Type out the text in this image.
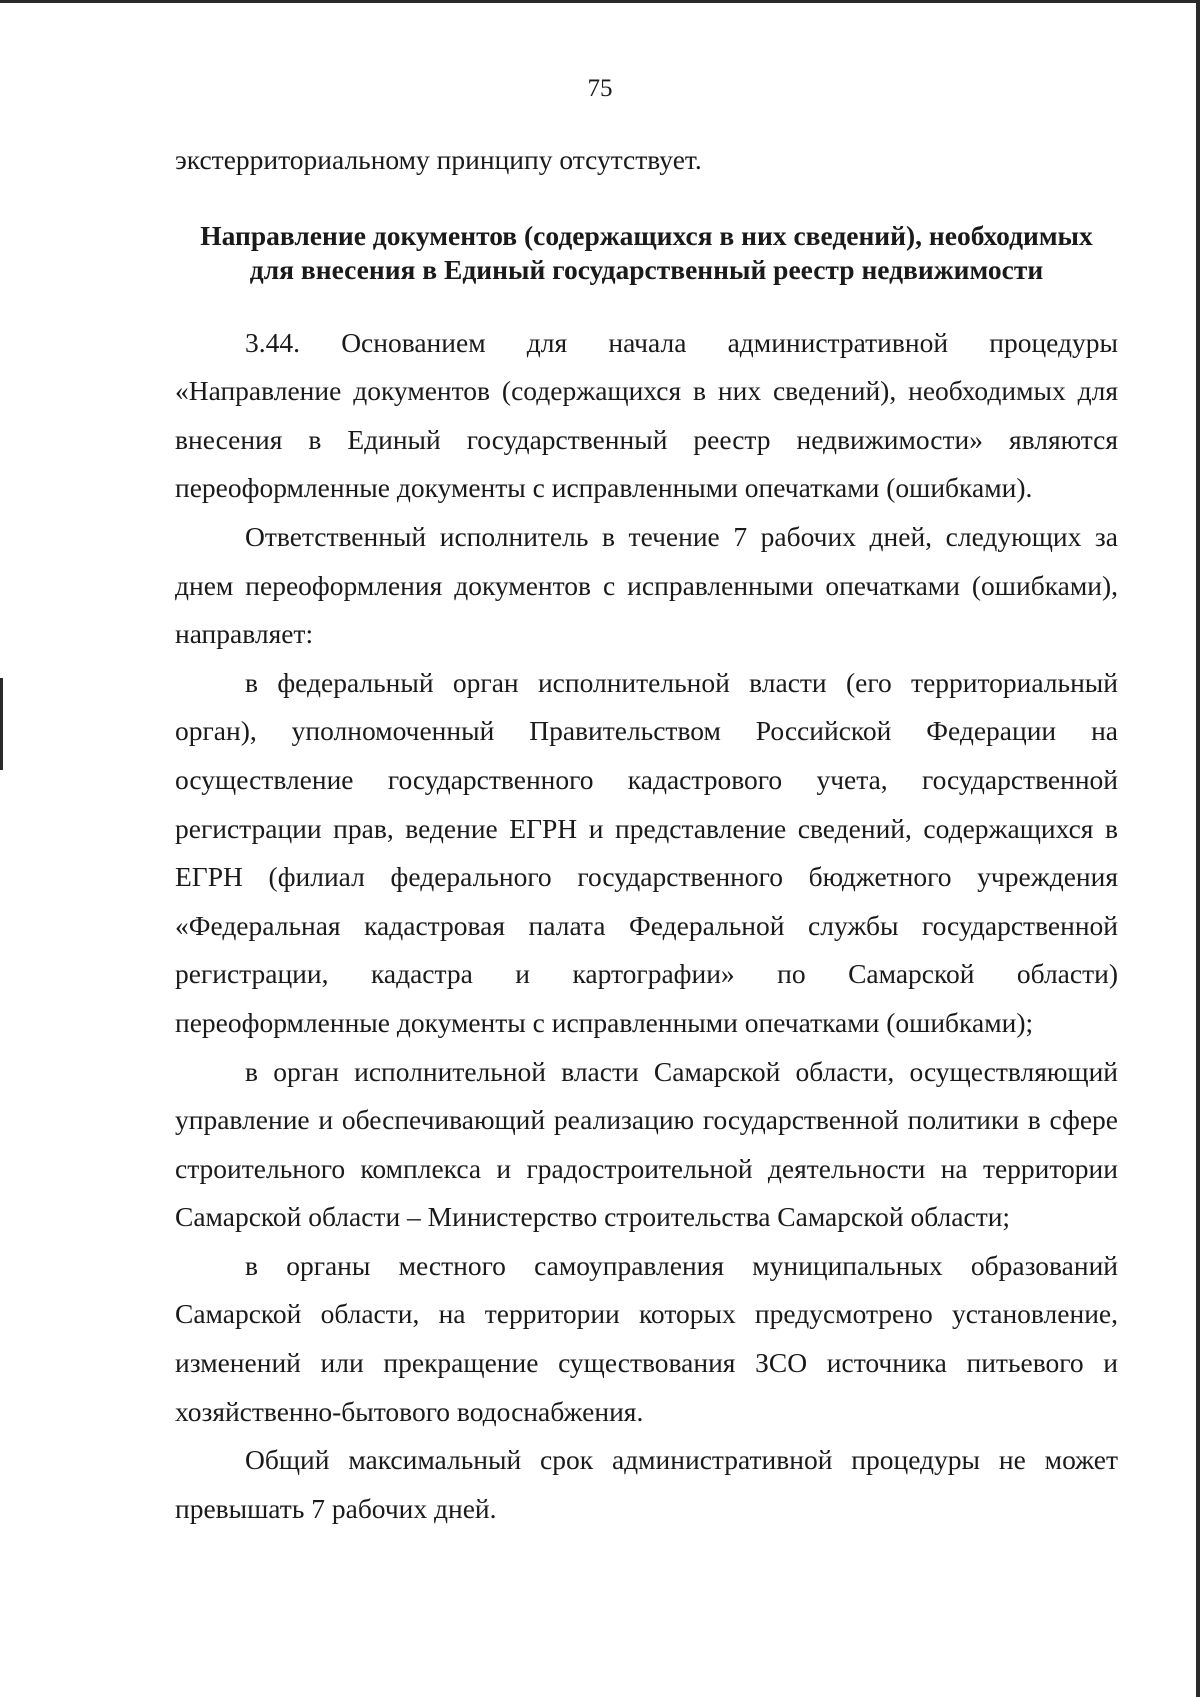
75

экстерриториальному принципу отсутствует.

Направление документов (содержащихся в них сведений), необходимых для внесения в Единый государственный реестр недвижимости

3.44. Основанием для начала административной процедуры «Направление документов (содержащихся в них сведений), необходимых для внесения в Единый государственный реестр недвижимости» являются переоформленные документы с исправленными опечатками (ошибками).

Ответственный исполнитель в течение 7 рабочих дней, следующих за днем переоформления документов с исправленными опечатками (ошибками), направляет:

в федеральный орган исполнительной власти (его территориальный орган), уполномоченный Правительством Российской Федерации на осуществление государственного кадастрового учета, государственной регистрации прав, ведение ЕГРН и представление сведений, содержащихся в ЕГРН (филиал федерального государственного бюджетного учреждения «Федеральная кадастровая палата Федеральной службы государственной регистрации, кадастра и картографии» по Самарской области) переоформленные документы с исправленными опечатками (ошибками);

в орган исполнительной власти Самарской области, осуществляющий управление и обеспечивающий реализацию государственной политики в сфере строительного комплекса и градостроительной деятельности на территории Самарской области – Министерство строительства Самарской области;

в органы местного самоуправления муниципальных образований Самарской области, на территории которых предусмотрено установление, изменений или прекращение существования ЗСО источника питьевого и хозяйственно-бытового водоснабжения.

Общий максимальный срок административной процедуры не может превышать 7 рабочих дней.
